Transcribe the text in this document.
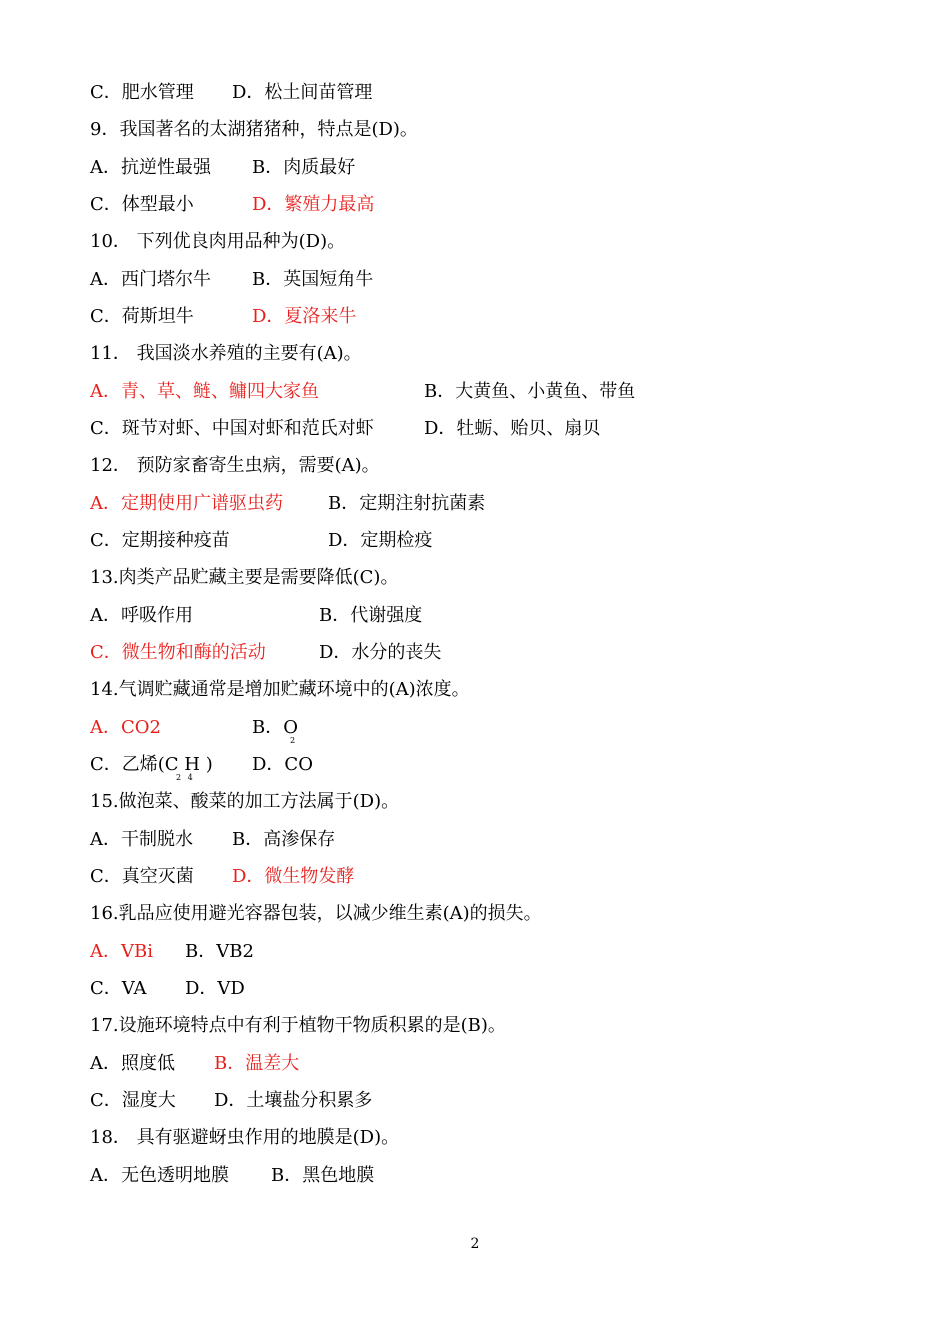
C．肥水管理 D．松土间苗管理
9．我国著名的太湖猪猪种，特点是(D)。
A．抗逆性最强 B．肉质最好
C．体型最小	D．繁殖力最高
10． 下列优良肉用品种为(D)。
A．西门塔尔牛 B．英国短角牛
C．荷斯坦牛	D．夏洛来牛
11． 我国淡水养殖的主要有(A)。
A．青、草、鲢、鳙四大家鱼	B．大黄鱼、小黄鱼、带鱼
C．斑节对虾、中国对虾和范氏对虾	D．牡蛎、贻贝、扇贝
12． 预防家畜寄生虫病，需要(A)。
A．定期使用广谱驱虫药	B．定期注射抗菌素
C．定期接种疫苗	D．定期检疫
13.肉类产品贮藏主要是需要降低(C)。
A．呼吸作用	B．代谢强度
C．微生物和酶的活动	D．水分的丧失
14.气调贮藏通常是增加贮藏环境中的(A)浓度。
A．CO2	B．O
2
C．乙烯(C H )
2 4
D．CO
15.做泡菜、酸菜的加工方法属于(D)。
A．干制脱水 B．高渗保存
C．真空灭菌 D．微生物发酵
16.乳品应使用避光容器包装，以减少维生素(A)的损失。
A．VBi B．VB2
C．VA D．VD
17.设施环境特点中有利于植物干物质积累的是(B)。
A．照度低 B．温差大
C．湿度大 D．土壤盐分积累多
18． 具有驱避蚜虫作用的地膜是(D)。
A．无色透明地膜 B．黑色地膜
2
